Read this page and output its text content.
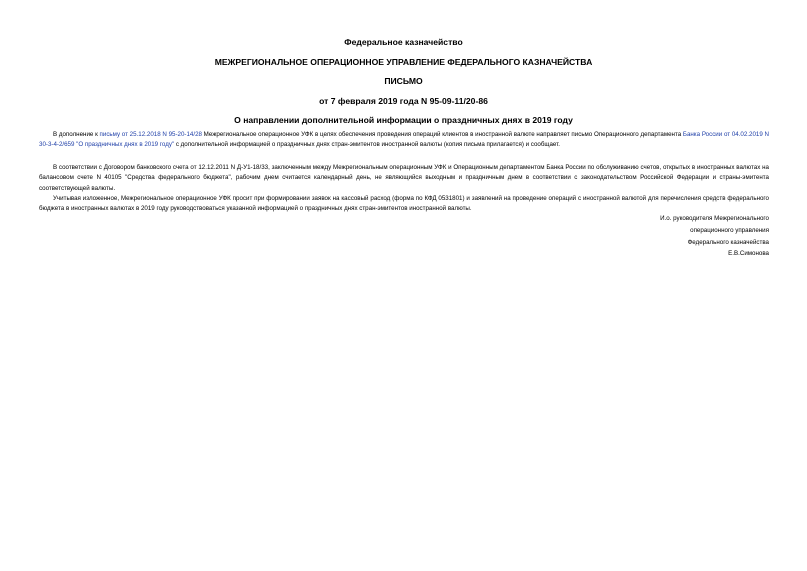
Федеральное казначейство
МЕЖРЕГИОНАЛЬНОЕ ОПЕРАЦИОННОЕ УПРАВЛЕНИЕ ФЕДЕРАЛЬНОГО КАЗНАЧЕЙСТВА
ПИСЬМО
от 7 февраля 2019 года N 95-09-11/20-86
О направлении дополнительной информации о праздничных днях в 2019 году
В дополнение к письму от 25.12.2018 N 95-20-14/28 Межрегиональное операционное УФК в целях обеспечения проведения операций клиентов в иностранной валюте направляет письмо Операционного департамента Банка России от 04.02.2019 N 30-3-4-2/659 "О праздничных днях в 2019 году" с дополнительной информацией о праздничных днях стран-эмитентов иностранной валюты (копия письма прилагается) и сообщает.
В соответствии с Договором банковского счета от 12.12.2011 N Д-У1-18/33, заключенным между Межрегиональным операционным УФК и Операционным департаментом Банка России по обслуживанию счетов, открытых в иностранных валютах на балансовом счете N 40105 "Средства федерального бюджета", рабочим днем считается календарный день, не являющийся выходным и праздничным днем в соответствии с законодательством Российской Федерации и страны-эмитента соответствующей валюты.
Учитывая изложенное, Межрегиональное операционное УФК просит при формировании заявок на кассовый расход (форма по КФД 0531801) и заявлений на проведение операций с иностранной валютой для перечисления средств федерального бюджета в иностранных валютах в 2019 году руководствоваться указанной информацией о праздничных днях стран-эмитентов иностранной валюты.
И.о. руководителя Межрегионального
операционного управления
Федерального казначейства
Е.В.Симонова
